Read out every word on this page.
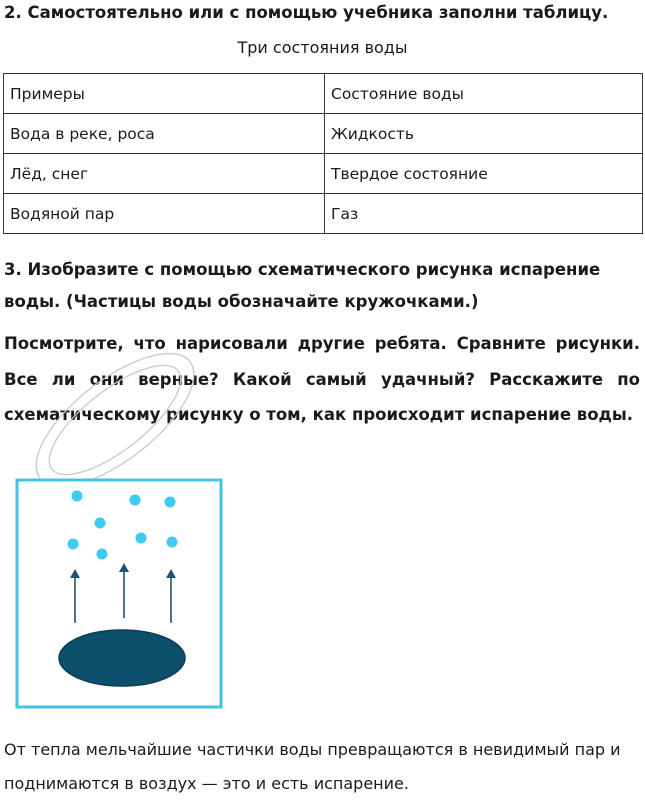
2. Самостоятельно или с помощью учебника заполни таблицу.
Три состояния воды
Примеры	Состояние воды
Вода в реке, роса	Жидкость
Лёд, снег	Твердое состояние
Водяной пар	Газ
3. Изобразите с помощью схематического рисунка испарение воды. (Частицы воды обозначайте кружочками.)
Посмотрите, что нарисовали другие ребята. Сравните рисунки. Все ли они верные? Какой самый удачный? Расскажите по схематическому рисунку о том, как происходит испарение воды.
От тепла мельчайшие частички воды превращаются в невидимый пар и поднимаются в воздух — это и есть испарение.
